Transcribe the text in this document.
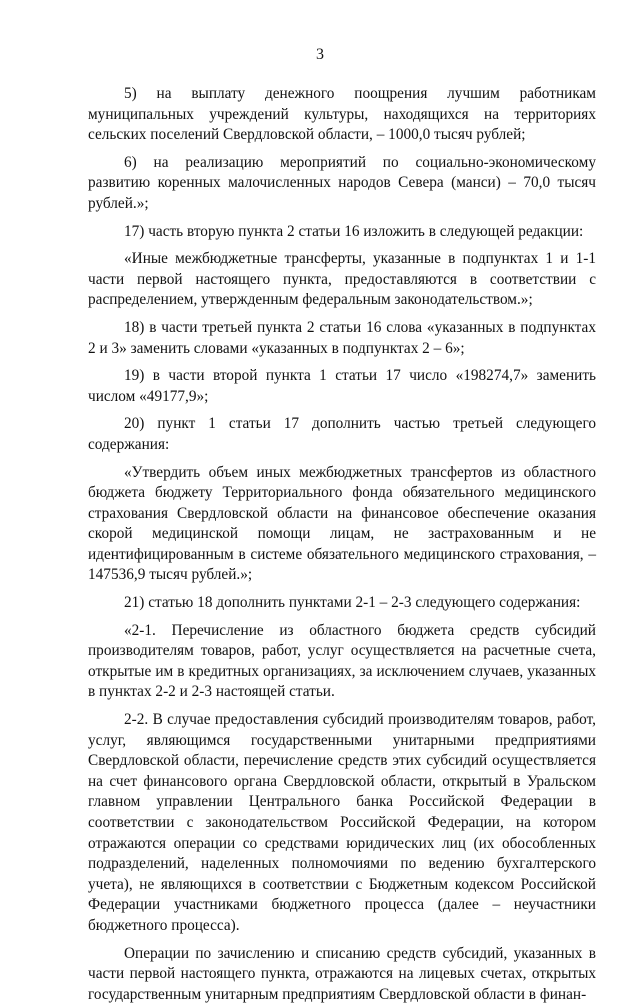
3

5) на выплату денежного поощрения лучшим работникам муниципальных учреждений культуры, находящихся на территориях сельских поселений Свердловской области, – 1000,0 тысяч рублей;

6) на реализацию мероприятий по социально-экономическому развитию коренных малочисленных народов Севера (манси) – 70,0 тысяч рублей.»;

17) часть вторую пункта 2 статьи 16 изложить в следующей редакции:

«Иные межбюджетные трансферты, указанные в подпунктах 1 и 1-1 части первой настоящего пункта, предоставляются в соответствии с распределением, утвержденным федеральным законодательством.»;

18) в части третьей пункта 2 статьи 16 слова «указанных в подпунктах 2 и 3» заменить словами «указанных в подпунктах 2 – 6»;

19) в части второй пункта 1 статьи 17 число «198274,7» заменить числом «49177,9»;

20) пункт 1 статьи 17 дополнить частью третьей следующего содержания:

«Утвердить объем иных межбюджетных трансфертов из областного бюджета бюджету Территориального фонда обязательного медицинского страхования Свердловской области на финансовое обеспечение оказания скорой медицинской помощи лицам, не застрахованным и не идентифицированным в системе обязательного медицинского страхования, – 147536,9 тысяч рублей.»;

21) статью 18 дополнить пунктами 2-1 – 2-3 следующего содержания:

«2-1. Перечисление из областного бюджета средств субсидий производителям товаров, работ, услуг осуществляется на расчетные счета, открытые им в кредитных организациях, за исключением случаев, указанных в пунктах 2-2 и 2-3 настоящей статьи.

2-2. В случае предоставления субсидий производителям товаров, работ, услуг, являющимся государственными унитарными предприятиями Свердловской области, перечисление средств этих субсидий осуществляется на счет финансового органа Свердловской области, открытый в Уральском главном управлении Центрального банка Российской Федерации в соответствии с законодательством Российской Федерации, на котором отражаются операции со средствами юридических лиц (их обособленных подразделений, наделенных полномочиями по ведению бухгалтерского учета), не являющихся в соответствии с Бюджетным кодексом Российской Федерации участниками бюджетного процесса (далее – неучастники бюджетного процесса).

Операции по зачислению и списанию средств субсидий, указанных в части первой настоящего пункта, отражаются на лицевых счетах, открытых государственным унитарным предприятиям Свердловской области в финан-
